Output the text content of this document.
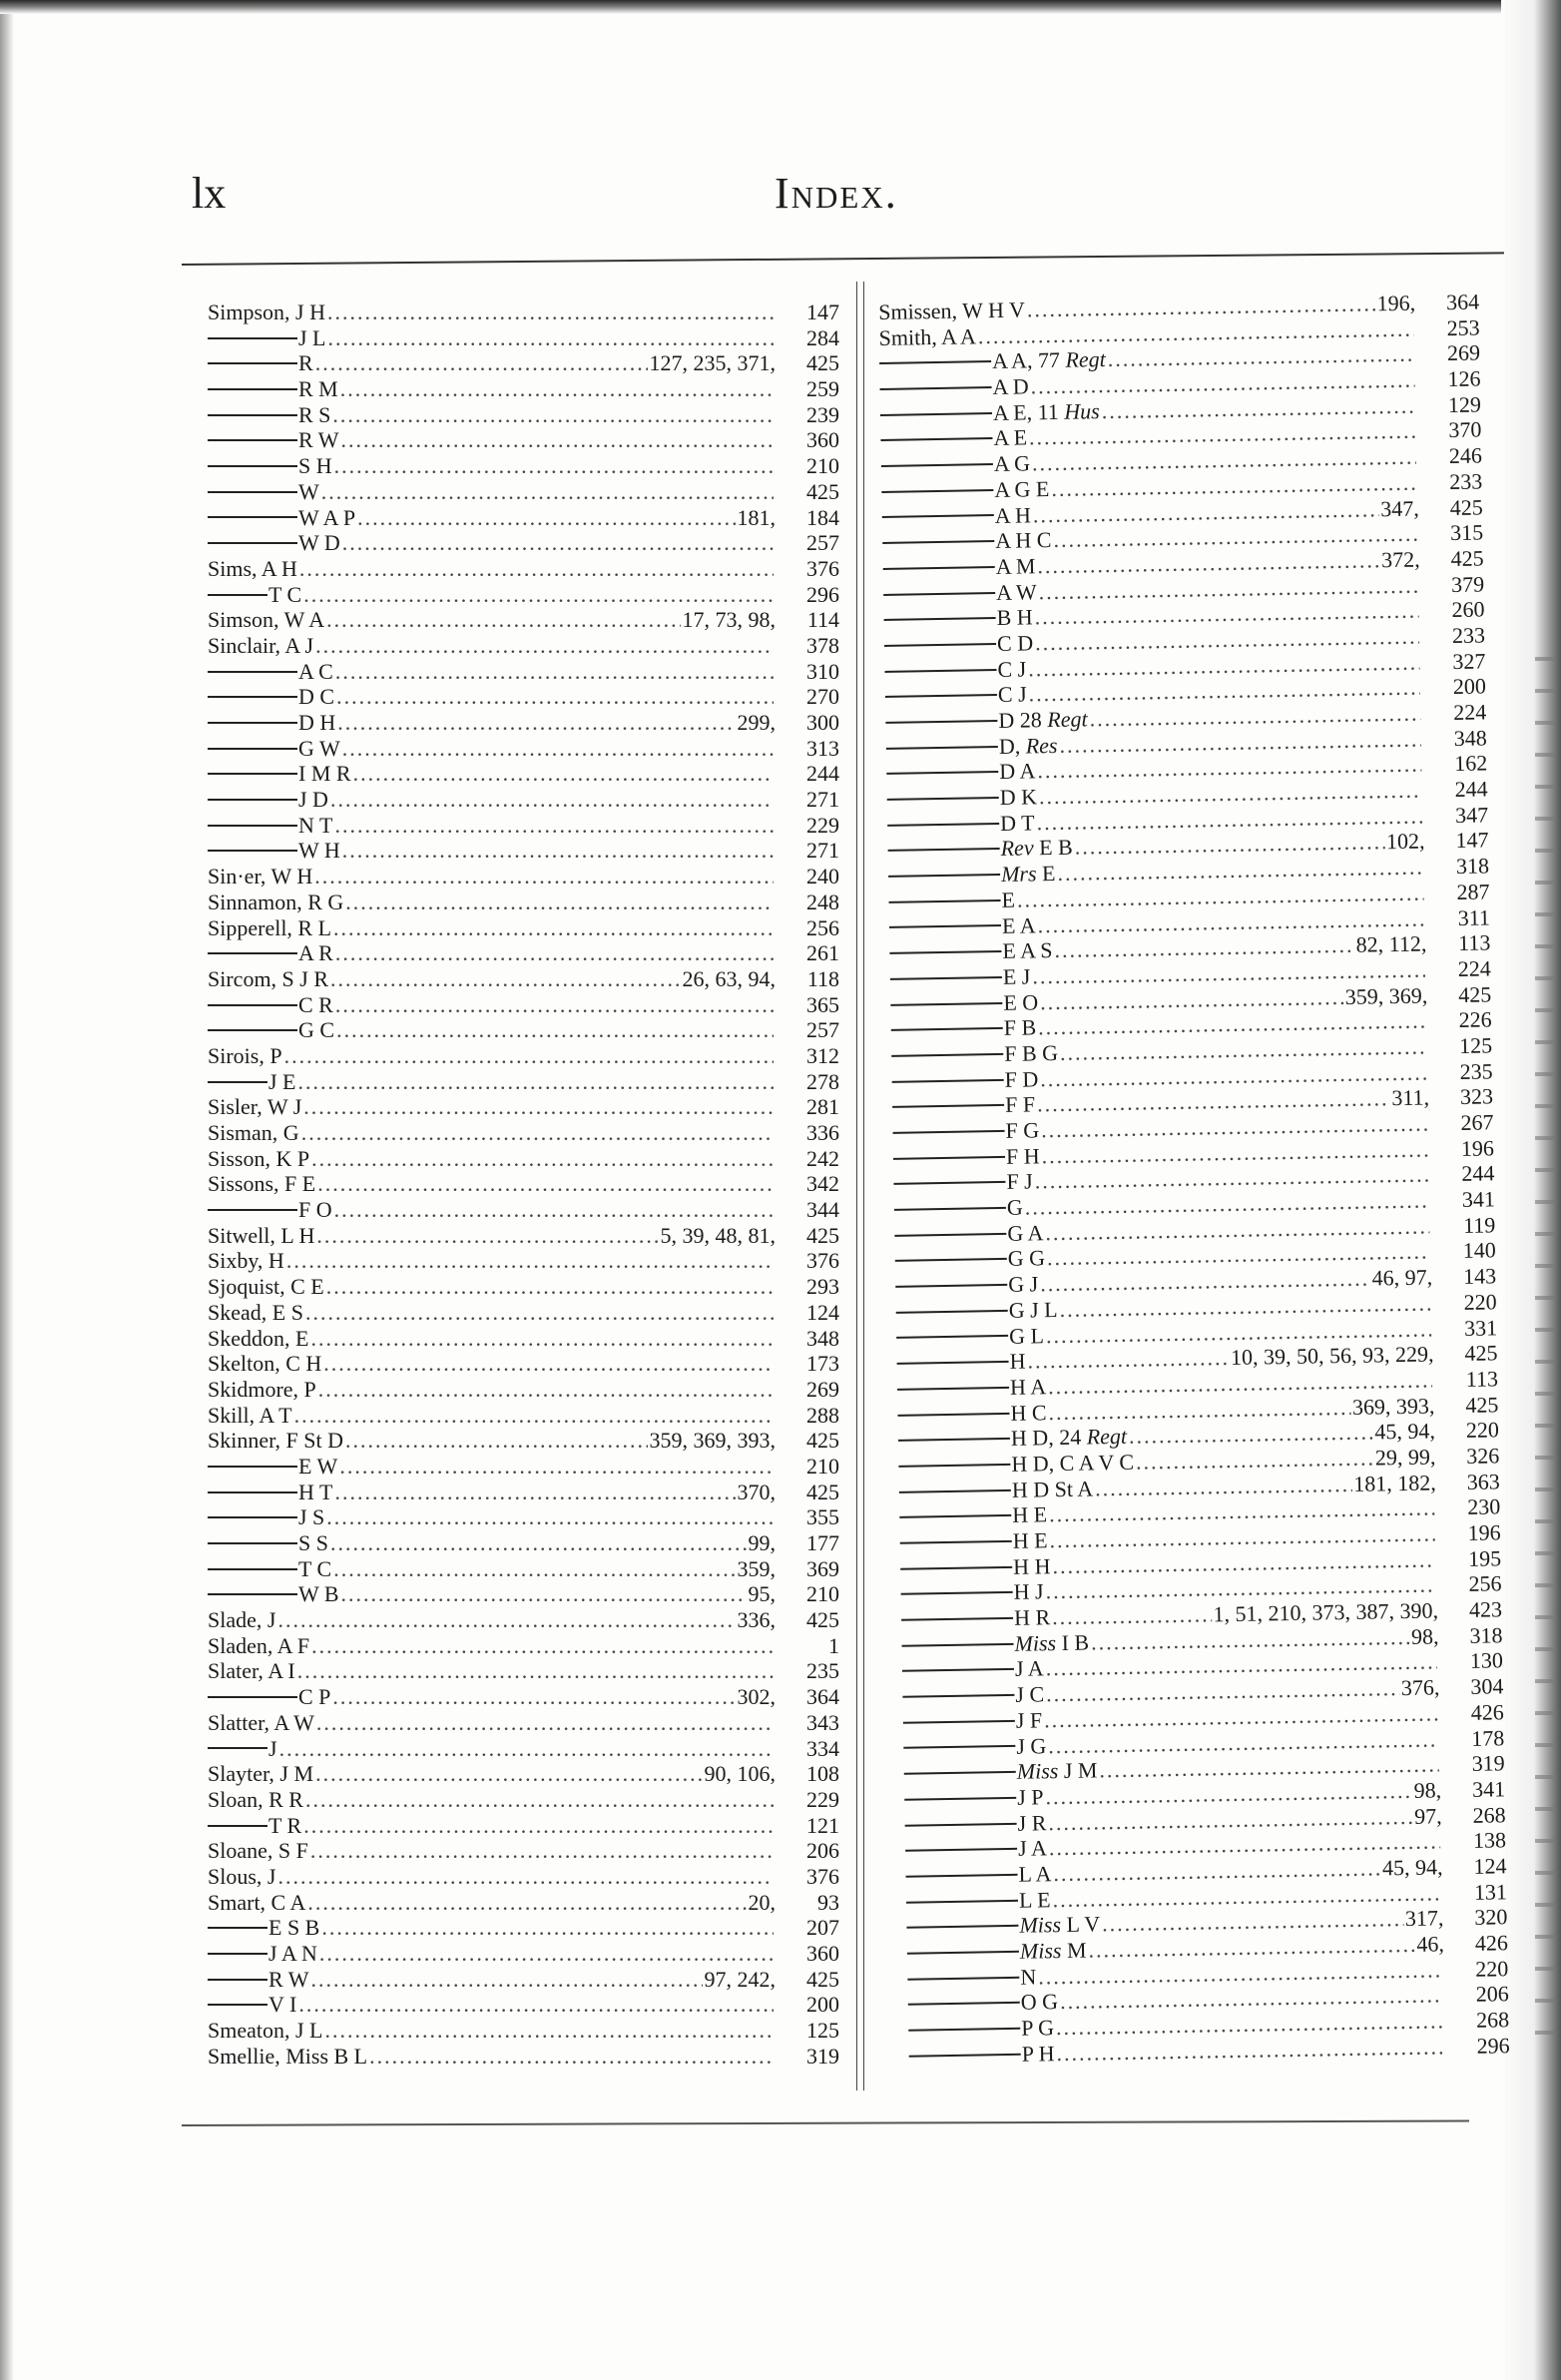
lx	Index.
Simpson, J H .....	147
J L .....	284
R .....	127, 235, 371,	425
R M .....	259
R S .....	239
R W .....	360
S H .....	210
W .....	425
W A P .....	181,	184
W D .....	257
Sims, A H .....	376
T C .....	296
Simson, W A .....	17, 73, 98,	114
Sinclair, A J .....	378
A C .....	310
D C .....	270
D H .....	299,	300
G W .....	313
I M R .....	244
J D .....	271
N T .....	229
W H .....	271
Sin·er, W H .....	240
Sinnamon, R G .....	248
Sipperell, R L .....	256
A R .....	261
Sircom, S J R .....	26, 63, 94,	118
C R .....	365
G C .....	257
Sirois, P .....	312
J E .....	278
Sisler, W J .....	281
Sisman, G .....	336
Sisson, K P .....	242
Sissons, F E .....	342
F O .....	344
Sitwell, L H .....	5, 39, 48, 81,	425
Sixby, H .....	376
Sjoquist, C E .....	293
Skead, E S .....	124
Skeddon, E .....	348
Skelton, C H .....	173
Skidmore, P .....	269
Skill, A T .....	288
Skinner, F St D .....	359, 369, 393,	425
E W .....	210
H T .....	370,	425
J S .....	355
S S .....	99,	177
T C .....	359,	369
W B .....	95,	210
Slade, J .....	336,	425
Sladen, A F .....	1
Slater, A I .....	235
C P .....	302,	364
Slatter, A W .....	343
J .....	334
Slayter, J M .....	90, 106,	108
Sloan, R R .....	229
T R .....	121
Sloane, S F .....	206
Slous, J .....	376
Smart, C A .....	20,	93
E S B .....	207
J A N .....	360
R W .....	97, 242,	425
V I .....	200
Smeaton, J L .....	125
Smellie, Miss B L .....	319
Smissen, W H V .....	196,	364
Smith, A A .....	253
A A, 77 Regt .....	269
A D .....	126
A E, 11 Hus .....	129
A E .....	370
A G .....	246
A G E .....	233
A H .....	347,	425
A H C .....	315
A M .....	372,	425
A W .....	379
B H .....	260
C D .....	233
C J .....	327
C J .....	200
D 28 Regt .....	224
D, Res .....	348
D A .....	162
D K .....	244
D T .....	347
Rev E B .....	102,	147
Mrs E .....	318
E .....	287
E A .....	311
E A S .....	82, 112,	113
E J .....	224
E O .....	359, 369,	425
F B .....	226
F B G .....	125
F D .....	235
F F .....	311,	323
F G .....	267
F H .....	196
F J .....	244
G .....	341
G A .....	119
G G .....	140
G J .....	46, 97,	143
G J L .....	220
G L .....	331
H .....	10, 39, 50, 56, 93, 229,	425
H A .....	113
H C .....	369, 393,	425
H D, 24 Regt .....	45, 94,	220
H D, C A V C .....	29, 99,	326
H D St A .....	181, 182,	363
H E .....	230
H E .....	196
H H .....	195
H J .....	256
H R .....	1, 51, 210, 373, 387, 390,	423
Miss I B .....	98,	318
J A .....	130
J C .....	376,	304
J F .....	426
J G .....	178
Miss J M .....	319
J P .....	98,	341
J R .....	97,	268
J A .....	138
L A .....	45, 94,	124
L E .....	131
Miss L V .....	317,	320
Miss M .....	46,	426
N .....	220
O G .....	206
P G .....	268
P H .....	296
